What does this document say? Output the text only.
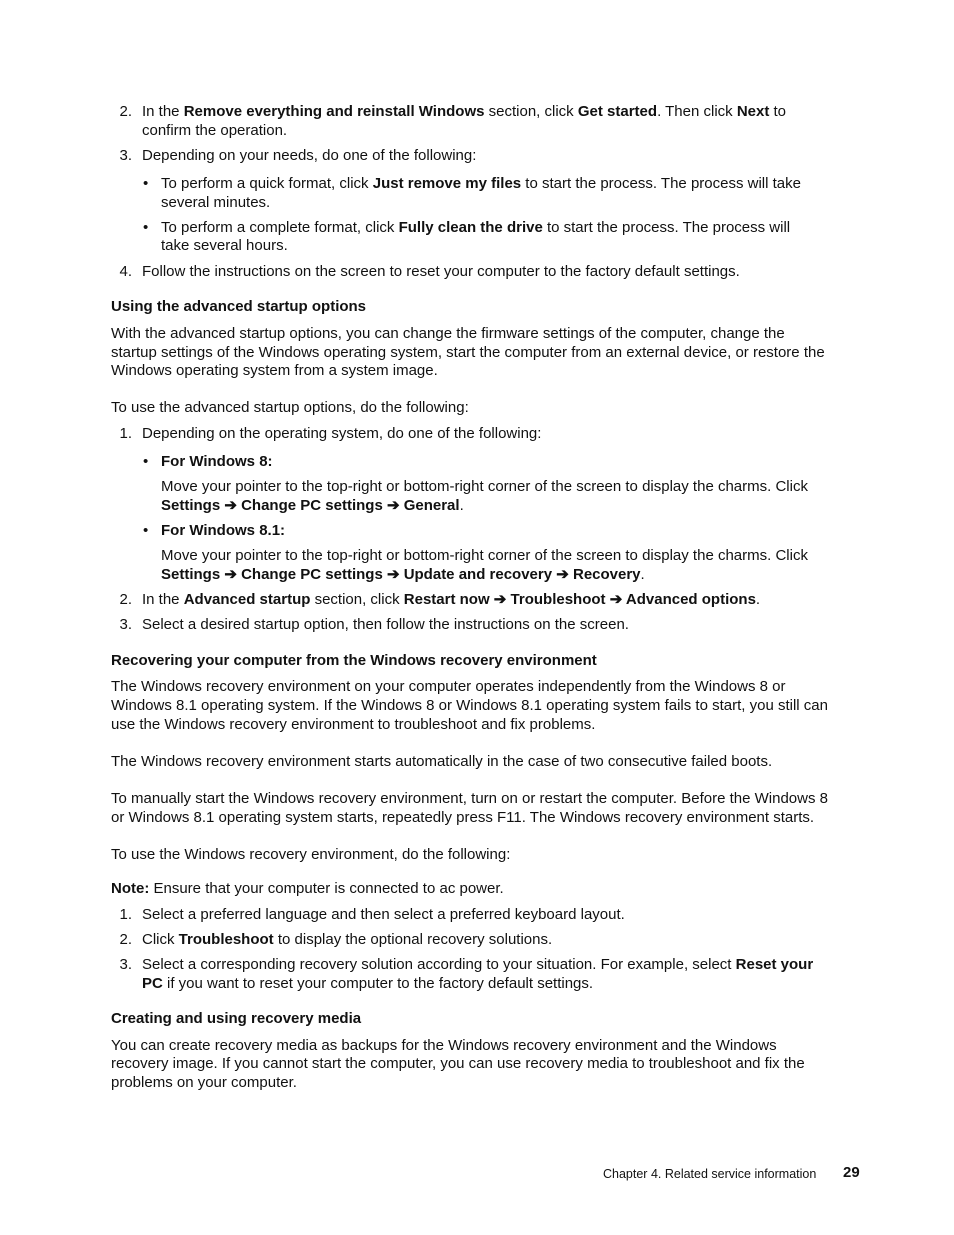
2. In the Remove everything and reinstall Windows section, click Get started. Then click Next to
confirm the operation.
3. Depending on your needs, do one of the following:
• To perform a quick format, click Just remove my files to start the process. The process will take
several minutes.
• To perform a complete format, click Fully clean the drive to start the process. The process will
take several hours.
4. Follow the instructions on the screen to reset your computer to the factory default settings.
Using the advanced startup options
With the advanced startup options, you can change the firmware settings of the computer, change the
startup settings of the Windows operating system, start the computer from an external device, or restore the
Windows operating system from a system image.
To use the advanced startup options, do the following:
1. Depending on the operating system, do one of the following:
• For Windows 8:
Move your pointer to the top-right or bottom-right corner of the screen to display the charms. Click
Settings ➔ Change PC settings ➔ General.
• For Windows 8.1:
Move your pointer to the top-right or bottom-right corner of the screen to display the charms. Click
Settings ➔ Change PC settings ➔ Update and recovery ➔ Recovery.
2. In the Advanced startup section, click Restart now ➔ Troubleshoot ➔ Advanced options.
3. Select a desired startup option, then follow the instructions on the screen.
Recovering your computer from the Windows recovery environment
The Windows recovery environment on your computer operates independently from the Windows 8 or
Windows 8.1 operating system. If the Windows 8 or Windows 8.1 operating system fails to start, you still can
use the Windows recovery environment to troubleshoot and fix problems.
The Windows recovery environment starts automatically in the case of two consecutive failed boots.
To manually start the Windows recovery environment, turn on or restart the computer. Before the Windows 8
or Windows 8.1 operating system starts, repeatedly press F11. The Windows recovery environment starts.
To use the Windows recovery environment, do the following:
Note: Ensure that your computer is connected to ac power.
1. Select a preferred language and then select a preferred keyboard layout.
2. Click Troubleshoot to display the optional recovery solutions.
3. Select a corresponding recovery solution according to your situation. For example, select Reset your
PC if you want to reset your computer to the factory default settings.
Creating and using recovery media
You can create recovery media as backups for the Windows recovery environment and the Windows
recovery image. If you cannot start the computer, you can use recovery media to troubleshoot and fix the
problems on your computer.
Chapter 4. Related service information 29
